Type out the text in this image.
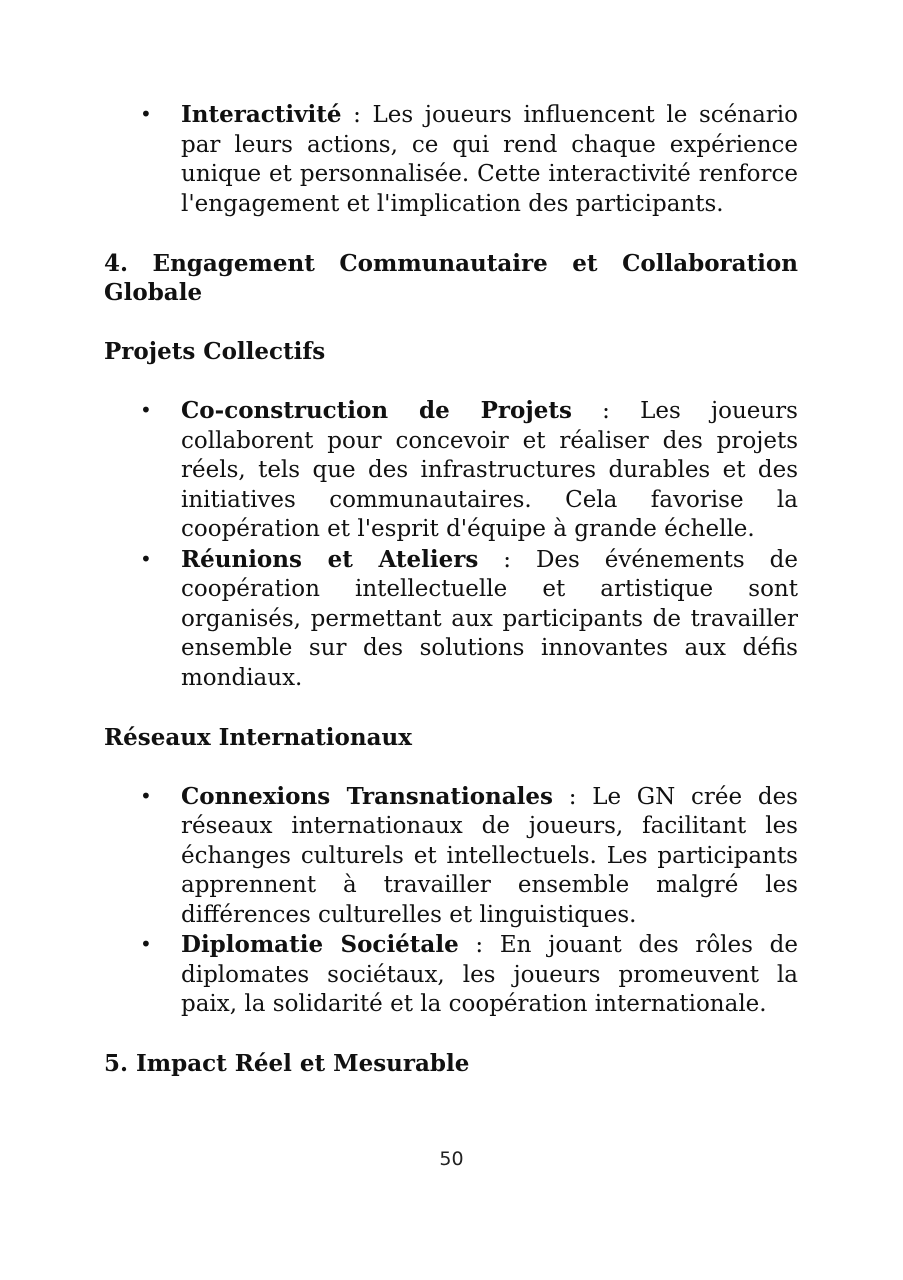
• Interactivité : Les joueurs influencent le scénario par leurs actions, ce qui rend chaque expérience unique et personnalisée. Cette interactivité renforce l'engagement et l'implication des participants.
4. Engagement Communautaire et Collaboration Globale
Projets Collectifs
• Co-construction de Projets : Les joueurs collaborent pour concevoir et réaliser des projets réels, tels que des infrastructures durables et des initiatives communautaires. Cela favorise la coopération et l'esprit d'équipe à grande échelle.
• Réunions et Ateliers : Des événements de coopération intellectuelle et artistique sont organisés, permettant aux participants de travailler ensemble sur des solutions innovantes aux défis mondiaux.
Réseaux Internationaux
• Connexions Transnationales : Le GN crée des réseaux internationaux de joueurs, facilitant les échanges culturels et intellectuels. Les participants apprennent à travailler ensemble malgré les différences culturelles et linguistiques.
• Diplomatie Sociétale : En jouant des rôles de diplomates sociétaux, les joueurs promeuvent la paix, la solidarité et la coopération internationale.
5. Impact Réel et Mesurable
50
